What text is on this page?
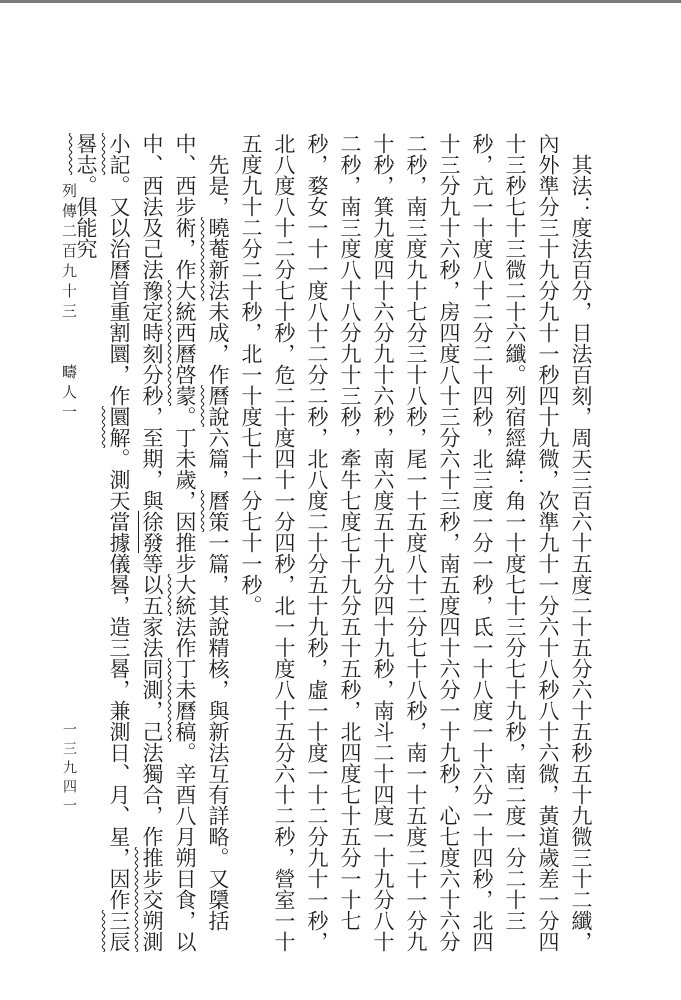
列傳二百九十三 疇人一
一三九四一	其法：度法百分，日法百刻，周天三百六十五度二十五分六十五秒五十九微三十二纖，內外準分三十九分九十一秒四十九微，次準九十一分六十八秒八十六微，黃道歲差一分四十三秒七十三微二十六纖。列宿經緯：角一十度七十三分七十九秒，南二度一分二十三秒，亢一十度八十二分二十四秒，北三度一分一秒，氐一十八度一十六分一十四秒，北四十三分九十六秒，房四度八十三分六十三秒，南五度四十六分一十九秒，心七度六十六分二秒，南三度九十七分三十八秒，尾一十五度八十二分七十八秒，南一十五度二十一分九十秒，箕九度四十六分九十六秒，南六度五十九分四十九秒，南斗二十四度一十九分八十二秒，南三度八十八分九十三秒，牽牛七度七十九分五十五秒，北四度七十五分一十七秒，婺女一十一度八十二分二秒，北八度二十分五十九秒，虛一十度一十二分九十一秒，北八度八十二分七十秒，危二十度四十一分四秒，北一十度八十五分六十二秒，營室一十五度九十二分二十秒，北一十度七十一分七十一秒。

先是，曉菴新法未成，作曆說六篇，曆策一篇，其說精核，與新法互有詳略。又檃括中、西步術，作大統西曆啓蒙。丁未歲，因推步大統法作丁未曆稿。辛酉八月朔日食，以中、西法及己法豫定時刻分秒，至期，與徐發等以五家法同測，己法獨合，作推步交朔測小記。又以治曆首重割圜，作圜解。測天當據儀晷，造三晷，兼測日、月、星，因作三辰晷志。俱能究
